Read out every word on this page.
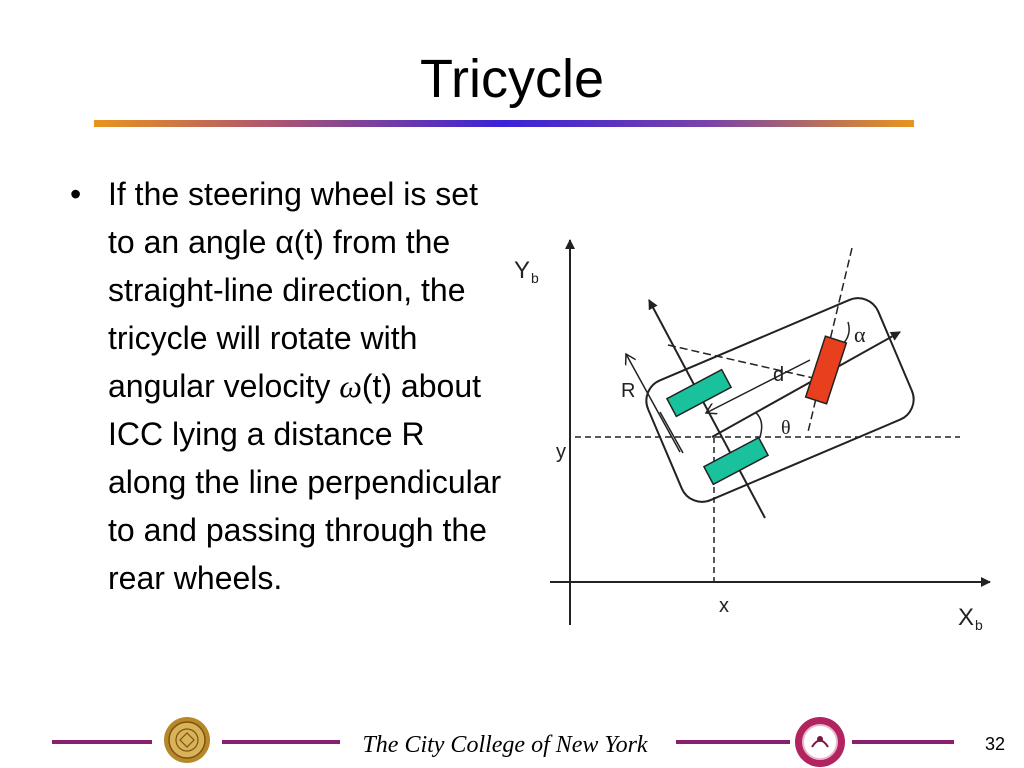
Tricycle
• If the steering wheel is set to an angle α(t) from the straight-line direction, the tricycle will rotate with angular velocity ω(t) about ICC lying a distance R along the line perpendicular to and passing through the rear wheels.
Y b
X b
x
y
R
d
α
θ
The City College of New York	32
